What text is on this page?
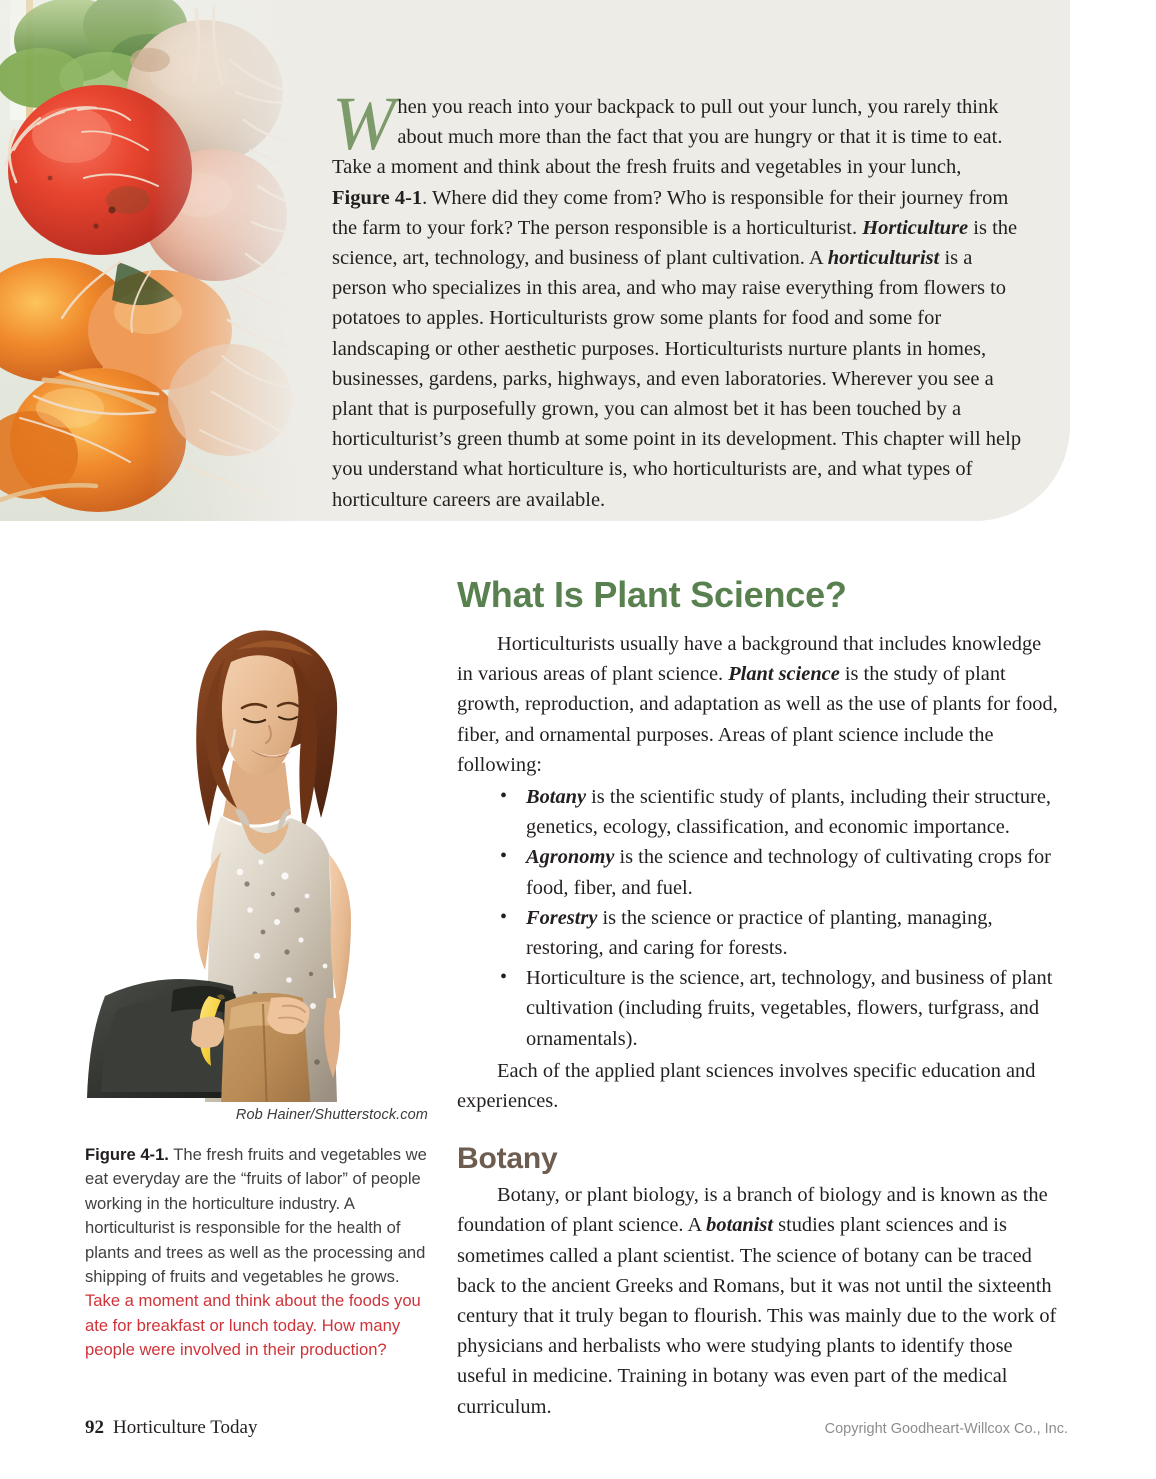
When you reach into your backpack to pull out your lunch, you rarely think about much more than the fact that you are hungry or that it is time to eat. Take a moment and think about the fresh fruits and vegetables in your lunch, Figure 4-1. Where did they come from? Who is responsible for their journey from the farm to your fork? The person responsible is a horticulturist. Horticulture is the science, art, technology, and business of plant cultivation. A horticulturist is a person who specializes in this area, and who may raise everything from flowers to potatoes to apples. Horticulturists grow some plants for food and some for landscaping or other aesthetic purposes. Horticulturists nurture plants in homes, businesses, gardens, parks, highways, and even laboratories. Wherever you see a plant that is purposefully grown, you can almost bet it has been touched by a horticulturist’s green thumb at some point in its development. This chapter will help you understand what horticulture is, who horticulturists are, and what types of horticulture careers are available.
Rob Hainer/Shutterstock.com
Figure 4-1. The fresh fruits and vegetables we eat everyday are the “fruits of labor” of people working in the horticulture industry. A horticulturist is responsible for the health of plants and trees as well as the processing and shipping of fruits and vegetables he grows. Take a moment and think about the foods you ate for breakfast or lunch today. How many people were involved in their production?
What Is Plant Science?

Horticulturists usually have a background that includes knowledge in various areas of plant science. Plant science is the study of plant growth, reproduction, and adaptation as well as the use of plants for food, fiber, and ornamental purposes. Areas of plant science include the following:

• Botany is the scientific study of plants, including their structure, genetics, ecology, classification, and economic importance.
• Agronomy is the science and technology of cultivating crops for food, fiber, and fuel.
• Forestry is the science or practice of planting, managing, restoring, and caring for forests.
• Horticulture is the science, art, technology, and business of plant cultivation (including fruits, vegetables, flowers, turfgrass, and ornamentals).

Each of the applied plant sciences involves specific education and experiences.

Botany

Botany, or plant biology, is a branch of biology and is known as the foundation of plant science. A botanist studies plant sciences and is sometimes called a plant scientist. The science of botany can be traced back to the ancient Greeks and Romans, but it was not until the sixteenth century that it truly began to flourish. This was mainly due to the work of physicians and herbalists who were studying plants to identify those useful in medicine. Training in botany was even part of the medical curriculum.

92 Horticulture Today	Copyright Goodheart-Willcox Co., Inc.
